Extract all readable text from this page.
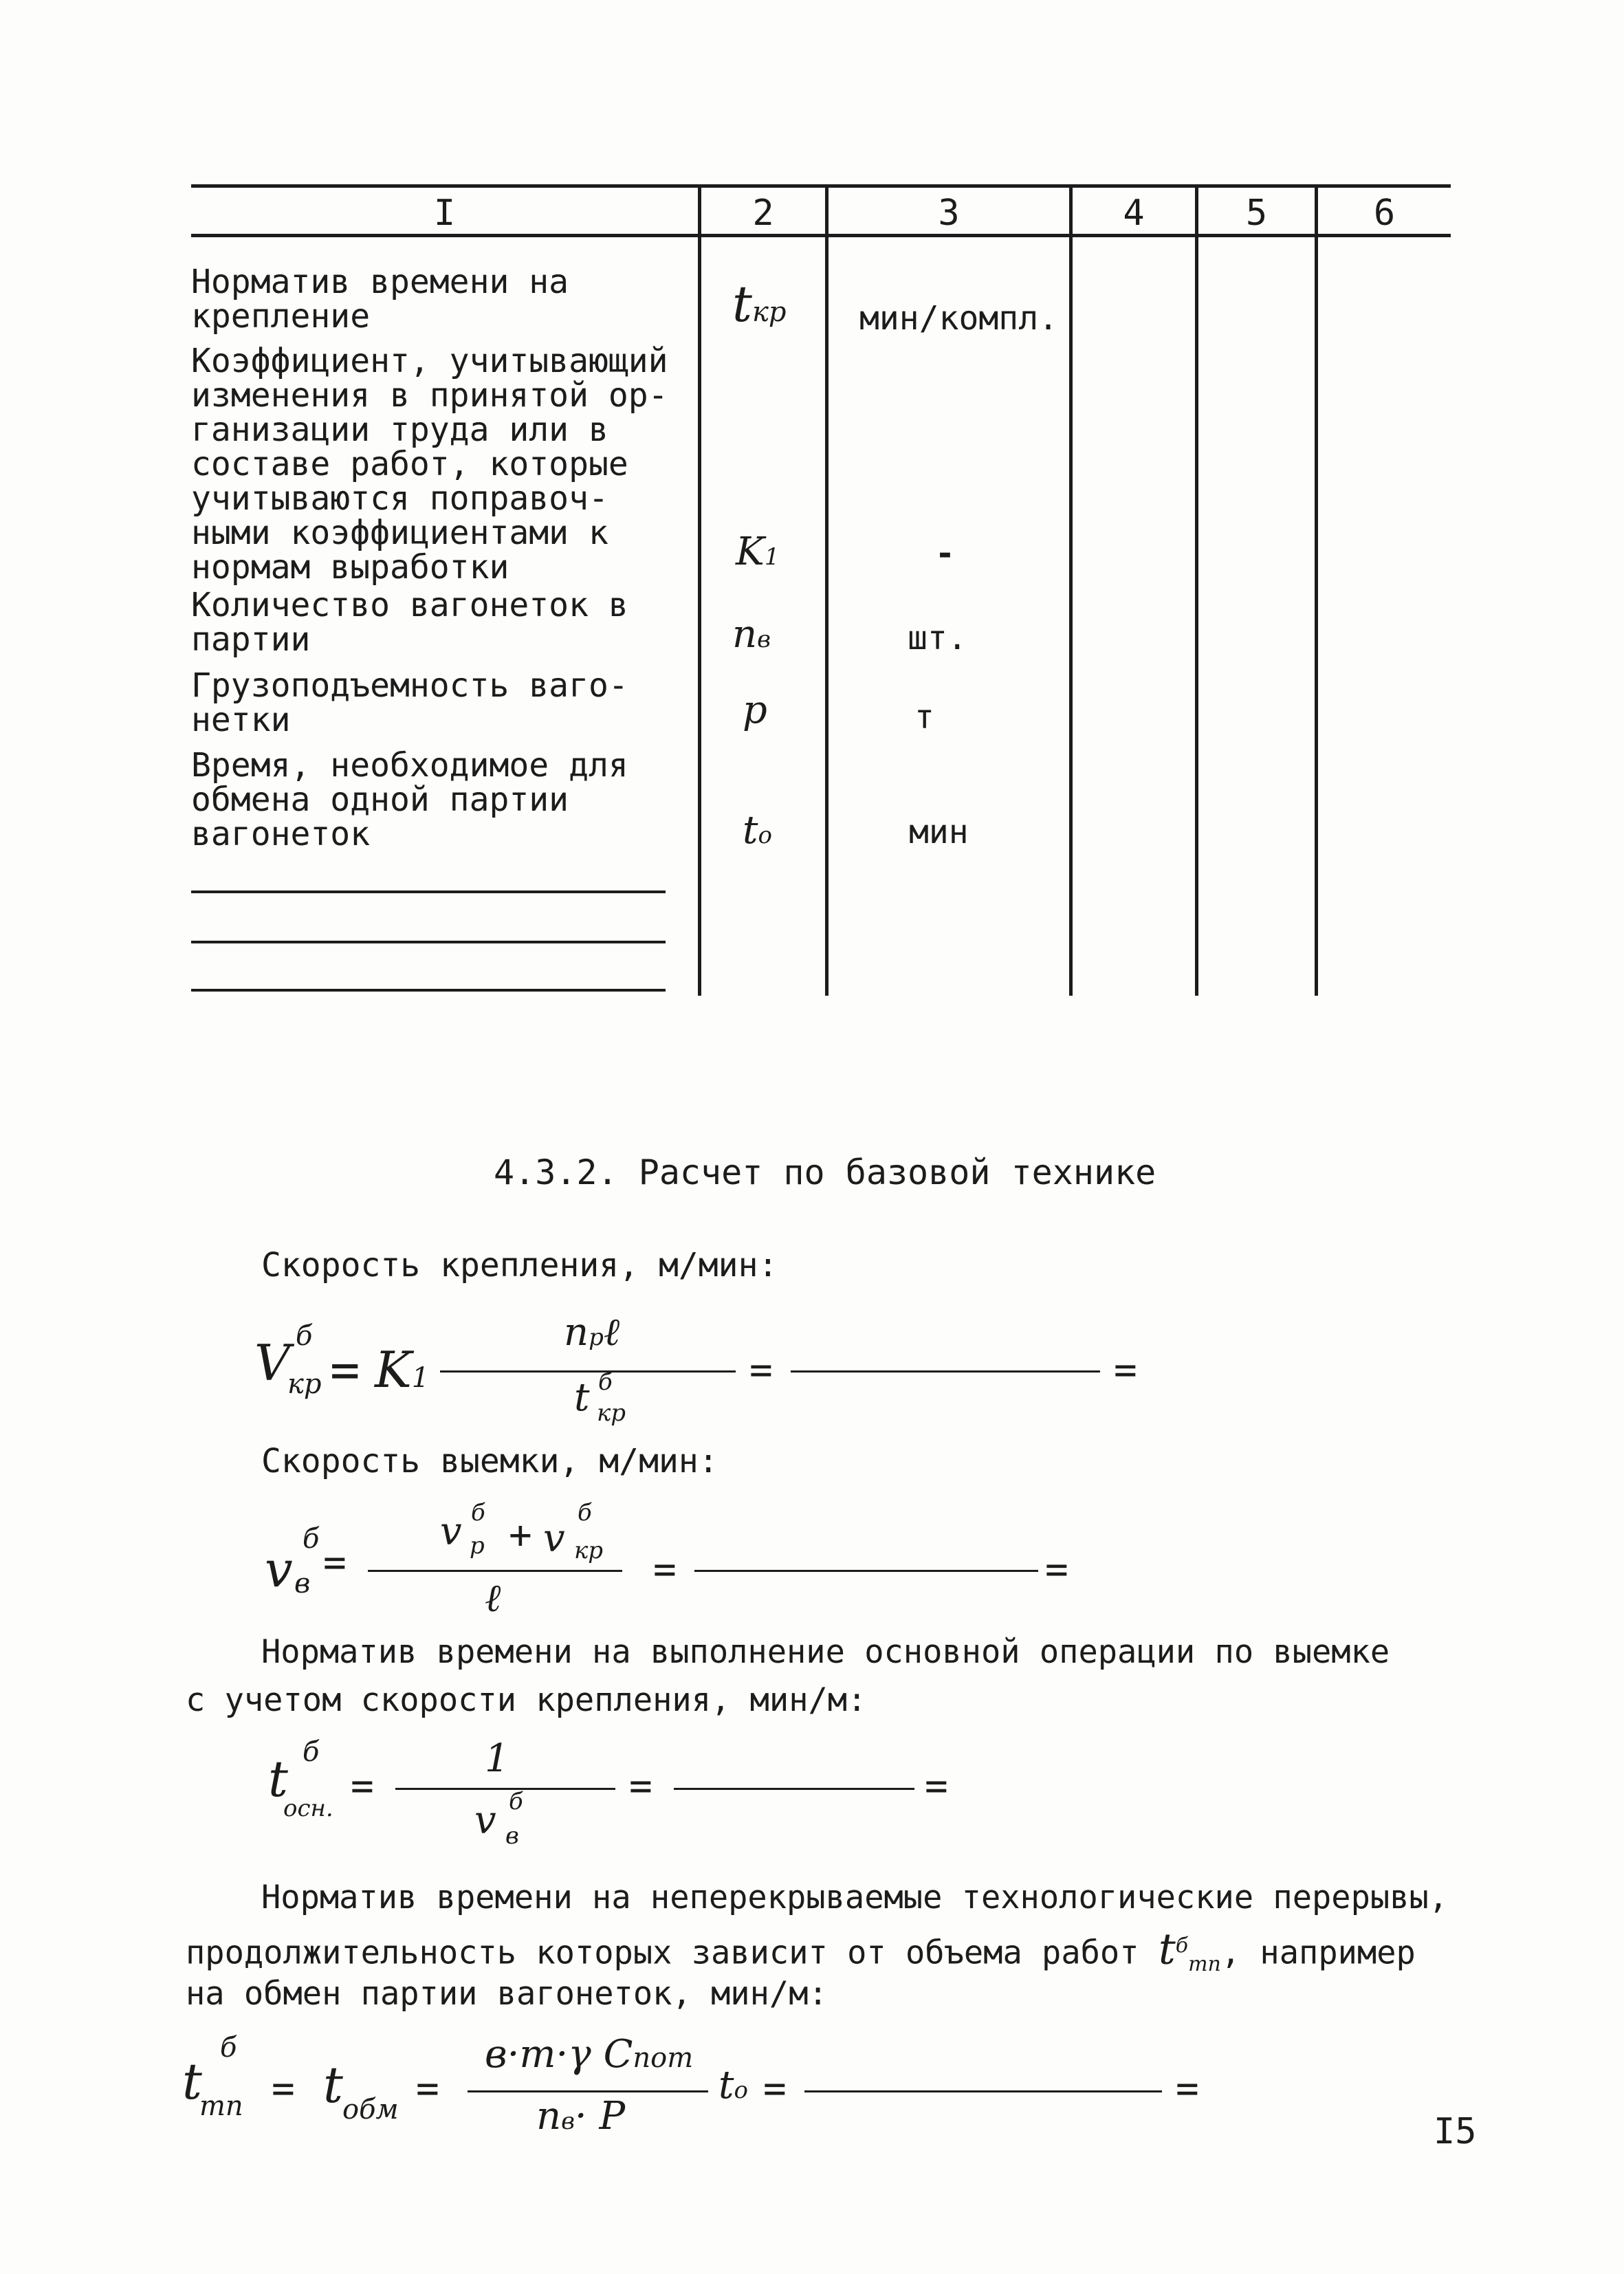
I	2	3	4	5	6
Норматив времени на
крепление	tкр мин/компл.
Коэффициент, учитывающий
изменения в принятой ор-
ганизации труда или в
составе работ, которые
учитываются поправоч-
ными коэффициентами к
нормам выработки	K1	-
Количество вагонеток в
партии	nв	шт.
Грузоподъемность ваго-
нетки	p	т
Время, необходимое для
обмена одной партии
вагонеток	to	мин
4.3.2. Расчет по базовой технике
Скорость крепления, м/мин:
V б
кр = K1
nрℓ
t б
кр
=	=
Скорость выемки, м/мин:
v
б
в =
v б
р + v
б
кр
ℓ
=	=
Норматив времени на выполнение основной операции по выемке
с учетом скорости крепления, мин/м:
t б
осн. =
1
v б
в
=	=
Норматив времени на неперекрываемые технологические перерывы,
продолжительность которых зависит от объема работ $t^б_{тп}$, например
на обмен партии вагонеток, мин/м:
t
б
тп = t обм =
в·m·γ Cпот
nв· P
to =	=
I5
